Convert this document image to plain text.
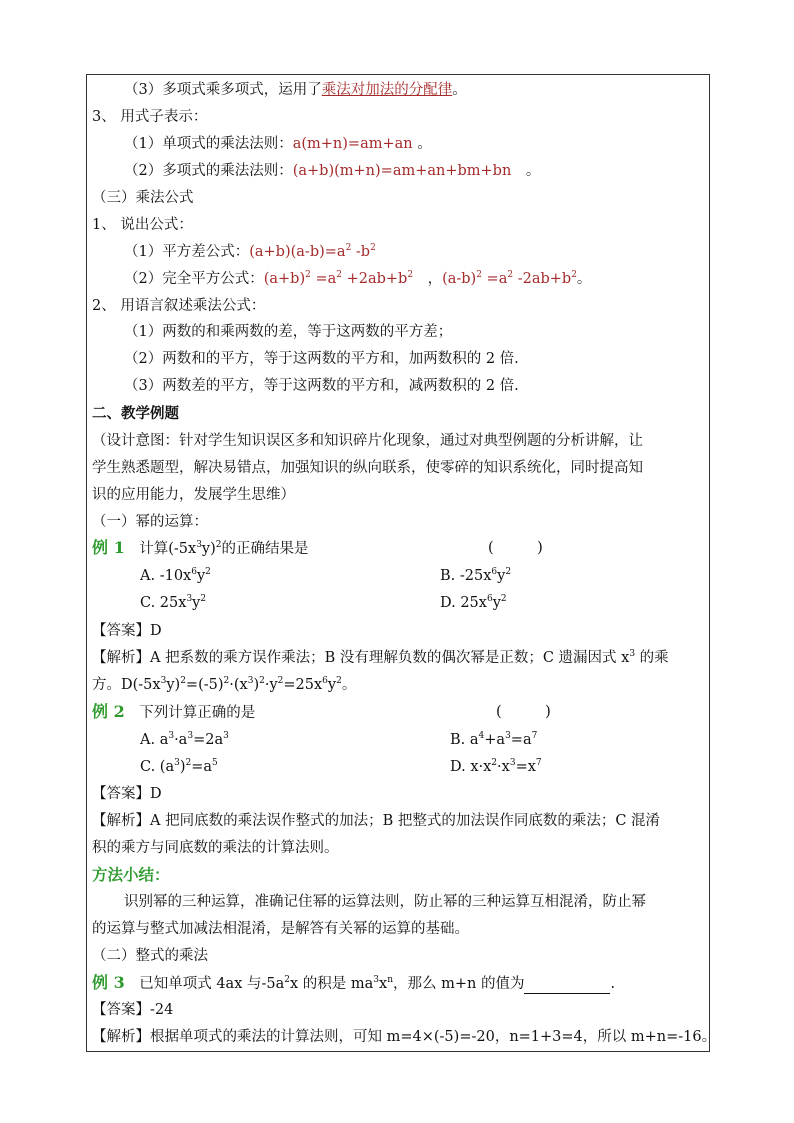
（3）多项式乘多项式，运用了乘法对加法的分配律。
3、 用式子表示：
（1）单项式的乘法法则：a(m+n)=am+an 。
（2）多项式的乘法法则：(a+b)(m+n)=am+an+bm+bn　 。
（三）乘法公式
1、 说出公式：
（1）平方差公式：$(a+b)(a-b)=a^2$ $-b^2$
（2）完全平方公式：$(a+b)^2 =a^2 +2ab+b^2$　 ，$(a-b)^2 =a^2$ $-2ab+b^2$。
2、 用语言叙述乘法公式：
（1）两数的和乘两数的差，等于这两数的平方差；
（2）两数和的平方，等于这两数的平方和，加两数积的 2 倍.
（3）两数差的平方，等于这两数的平方和，减两数积的 2 倍.
二、教学例题
（设计意图：针对学生知识误区多和知识碎片化现象，通过对典型例题的分析讲解，让
学生熟悉题型，解决易错点，加强知识的纵向联系，使零碎的知识系统化，同时提高知
识的应用能力，发展学生思维）
（一）幂的运算：
例 1　 计算$(-5x^3y)^2$的正确结果是	(　　　)
A. $-10x^6y^2$	B. $-25x^6y^2$
C. $25x^3y^2$	D. $25x^6y^2$
【答案】D
【解析】A 把系数的乘方误作乘法；B 没有理解负数的偶次幂是正数；C 遗漏因式 $x^3$ 的乘
方。$D(-5x^3y)^2=(-5)^2\cdot(x^3)^2\cdot y^2=25x^6y^2$。
例 2　 下列计算正确的是	(　　　)
A. $a^3\cdot a^3=2a^3$	B. $a^4+a^3=a^7$
C. $(a^3)^2=a^5$	D. $x\cdot x^2\cdot x^3=x^7$
【答案】D
【解析】A 把同底数的乘法误作整式的加法；B 把整式的加法误作同底数的乘法；C 混淆
积的乘方与同底数的乘法的计算法则。
方法小结：
识别幂的三种运算，准确记住幂的运算法则，防止幂的三种运算互相混淆，防止幂
的运算与整式加减法相混淆，是解答有关幂的运算的基础。
（二）整式的乘法
例 3　 已知单项式 4ax 与$-5a^2x$ 的积是 $ma^3x^n$，那么 m+n 的值为	.
【答案】-24
【解析】根据单项式的乘法的计算法则，可知 m=4×(-5)=-20，n=1+3=4，所以 m+n=-16。
